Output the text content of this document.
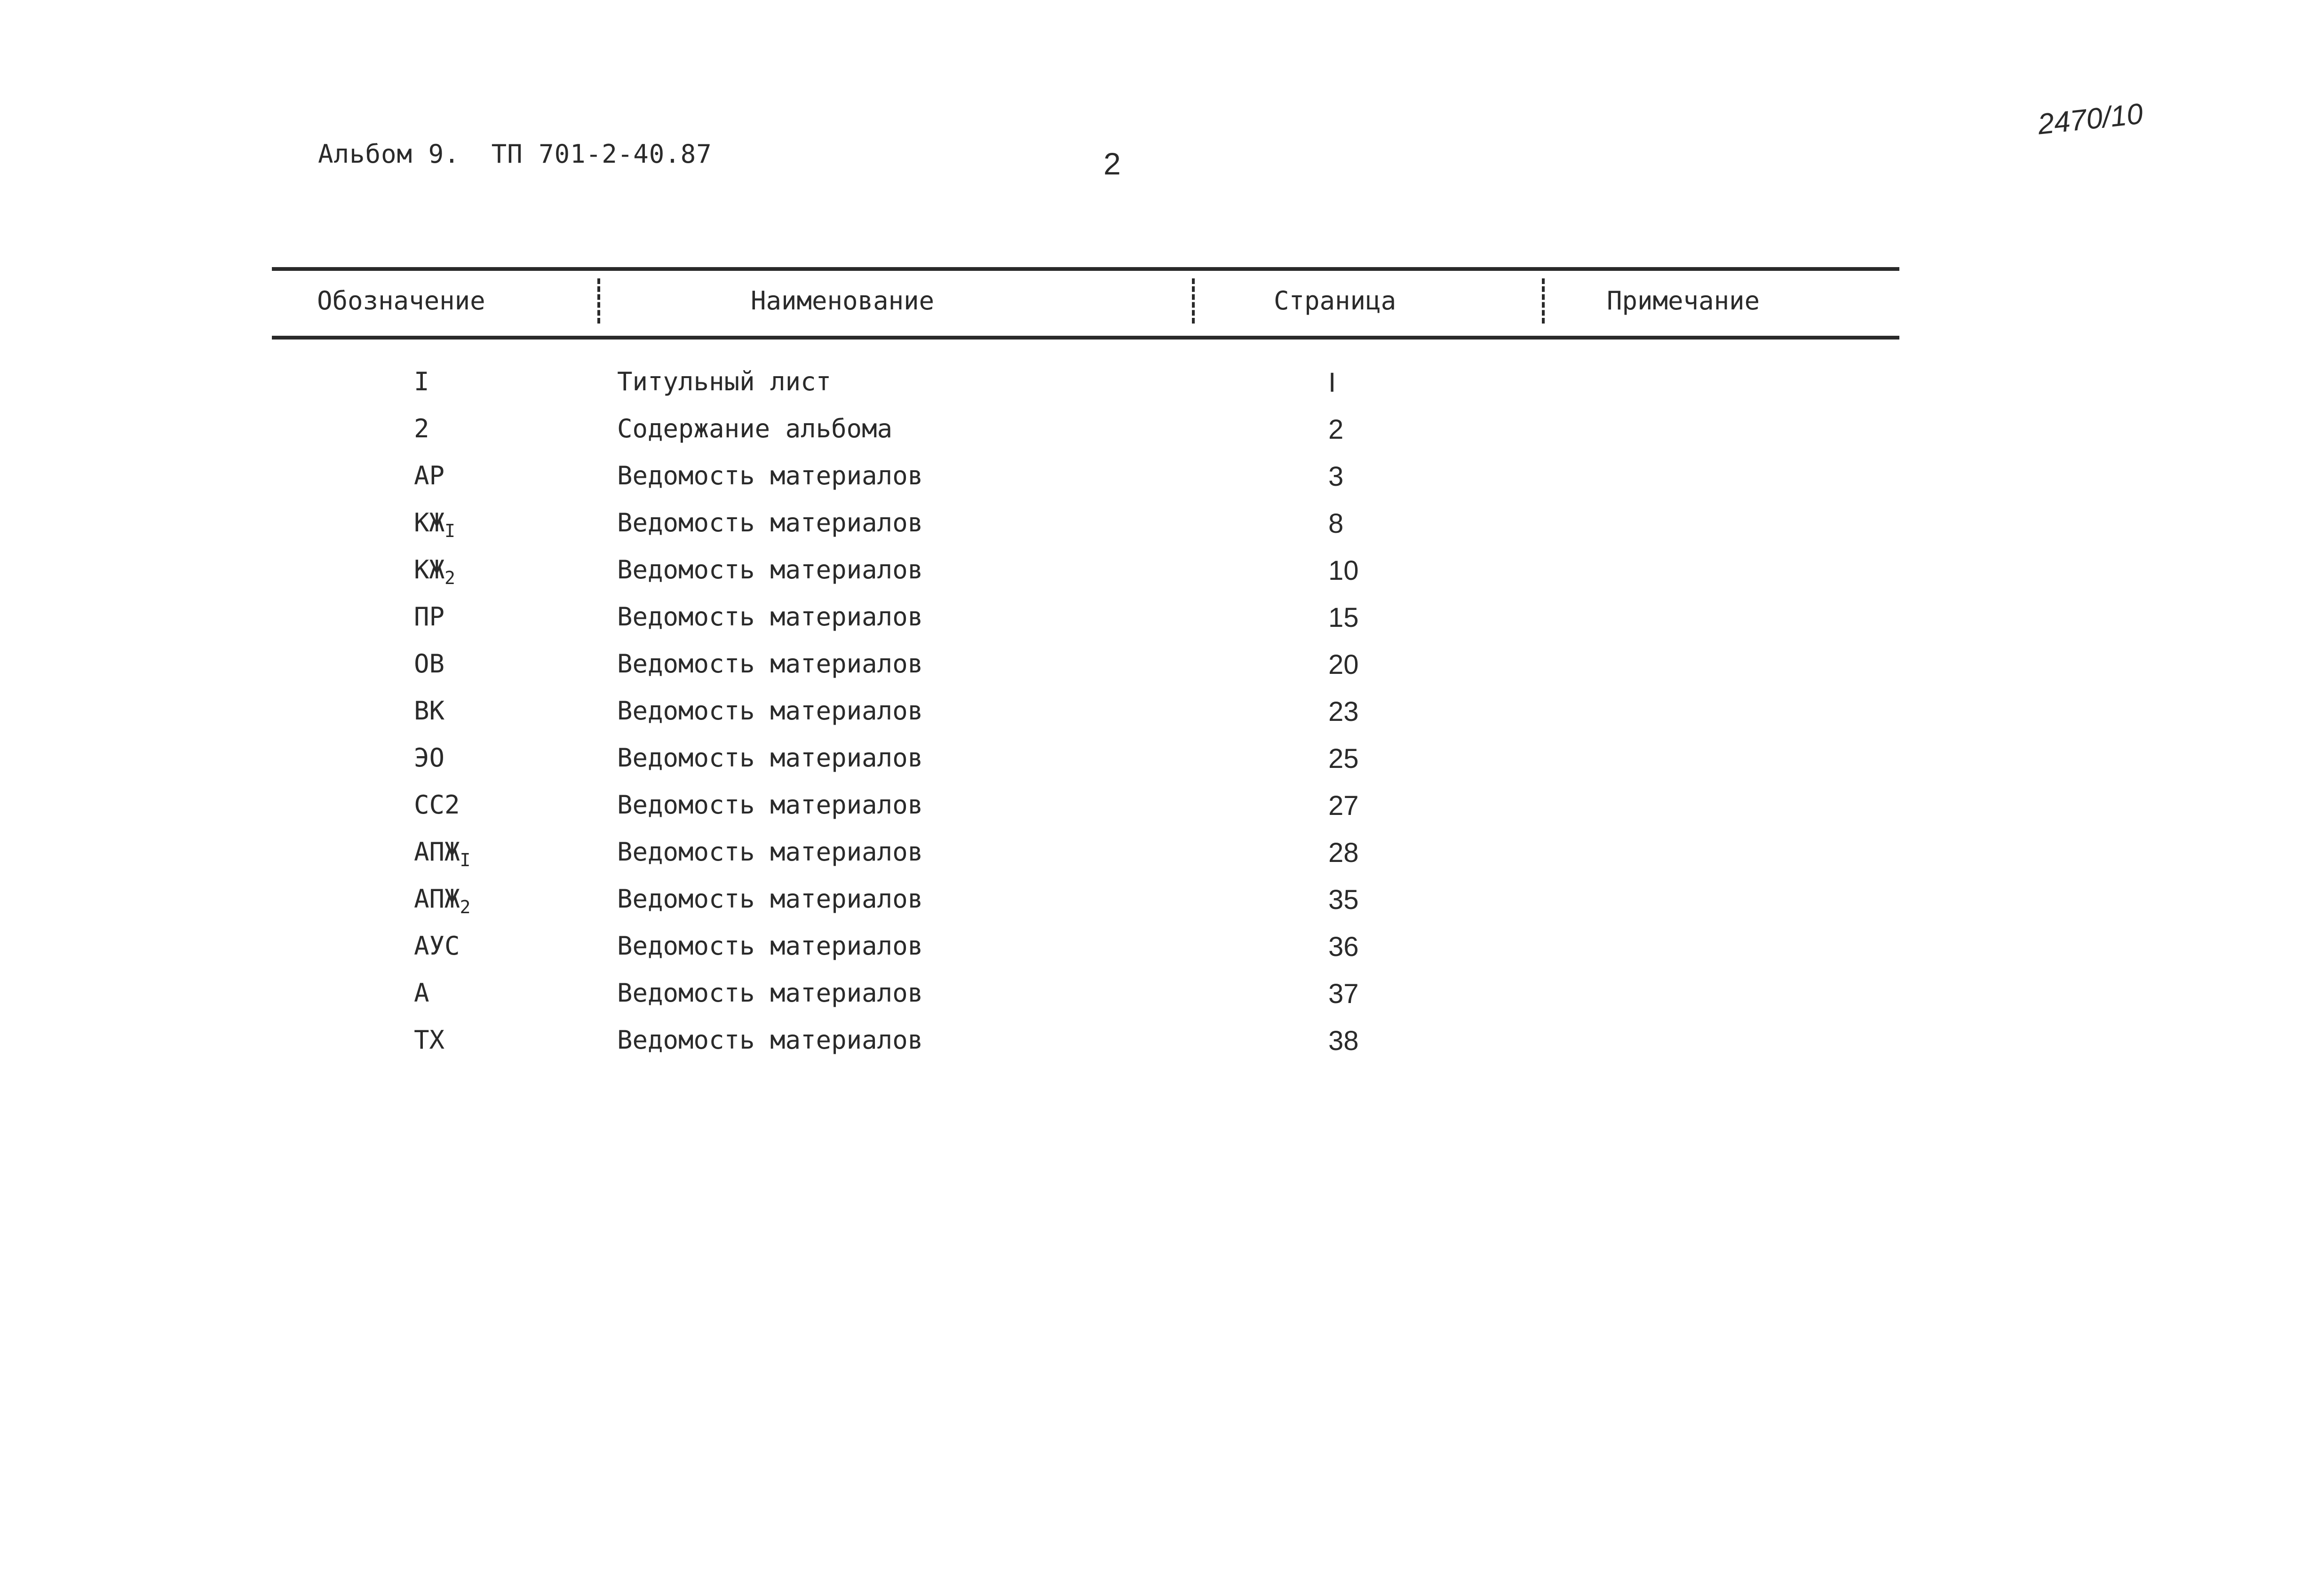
Альбом 9.  ТП 701-2-40.87	2
2470/10
Обозначение	Наименование	Страница	Примечание
I	Титульный лист	I
2	Содержание альбома	2
АР	Ведомость материалов	3
$КЖ_I$	Ведомость материалов	8
$КЖ_2$	Ведомость материалов	10
ПР	Ведомость материалов	15
ОВ	Ведомость материалов	20
ВК	Ведомость материалов	23
ЭО	Ведомость материалов	25
СС2	Ведомость материалов	27
$АПЖ_I$	Ведомость материалов	28
$АПЖ_2$	Ведомость материалов	35
АУС	Ведомость материалов	36
А	Ведомость материалов	37
ТХ	Ведомость материалов	38
